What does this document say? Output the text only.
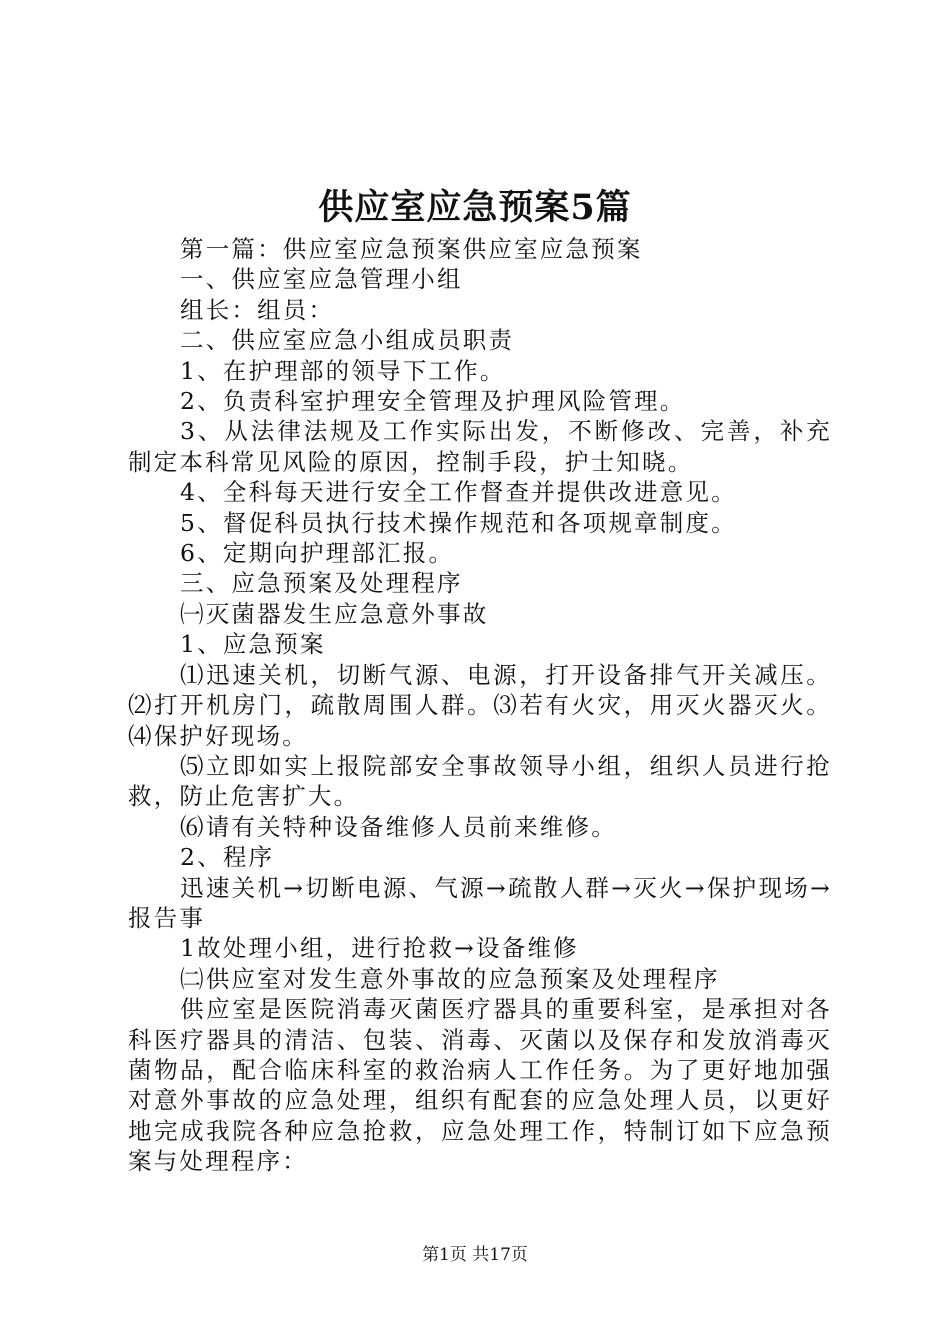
供应室应急预案5篇

第一篇：供应室应急预案供应室应急预案

一、供应室应急管理小组

组长：组员：

二、供应室应急小组成员职责

1、在护理部的领导下工作。

2、负责科室护理安全管理及护理风险管理。

3、从法律法规及工作实际出发，不断修改、完善，补充制定本科常见风险的原因，控制手段，护士知晓。

4、全科每天进行安全工作督查并提供改进意见。

5、督促科员执行技术操作规范和各项规章制度。

6、定期向护理部汇报。

三、应急预案及处理程序

㈠灭菌器发生应急意外事故

1、应急预案

⑴迅速关机，切断气源、电源，打开设备排气开关减压。⑵打开机房门，疏散周围人群。⑶若有火灾，用灭火器灭火。⑷保护好现场。

⑸立即如实上报院部安全事故领导小组，组织人员进行抢救，防止危害扩大。

⑹请有关特种设备维修人员前来维修。

2、程序

迅速关机→切断电源、气源→疏散人群→灭火→保护现场→报告事

1故处理小组，进行抢救→设备维修

㈡供应室对发生意外事故的应急预案及处理程序

供应室是医院消毒灭菌医疗器具的重要科室，是承担对各科医疗器具的清洁、包装、消毒、灭菌以及保存和发放消毒灭菌物品，配合临床科室的救治病人工作任务。为了更好地加强对意外事故的应急处理，组织有配套的应急处理人员，以更好地完成我院各种应急抢救，应急处理工作，特制订如下应急预案与处理程序：

第1页 共17页
